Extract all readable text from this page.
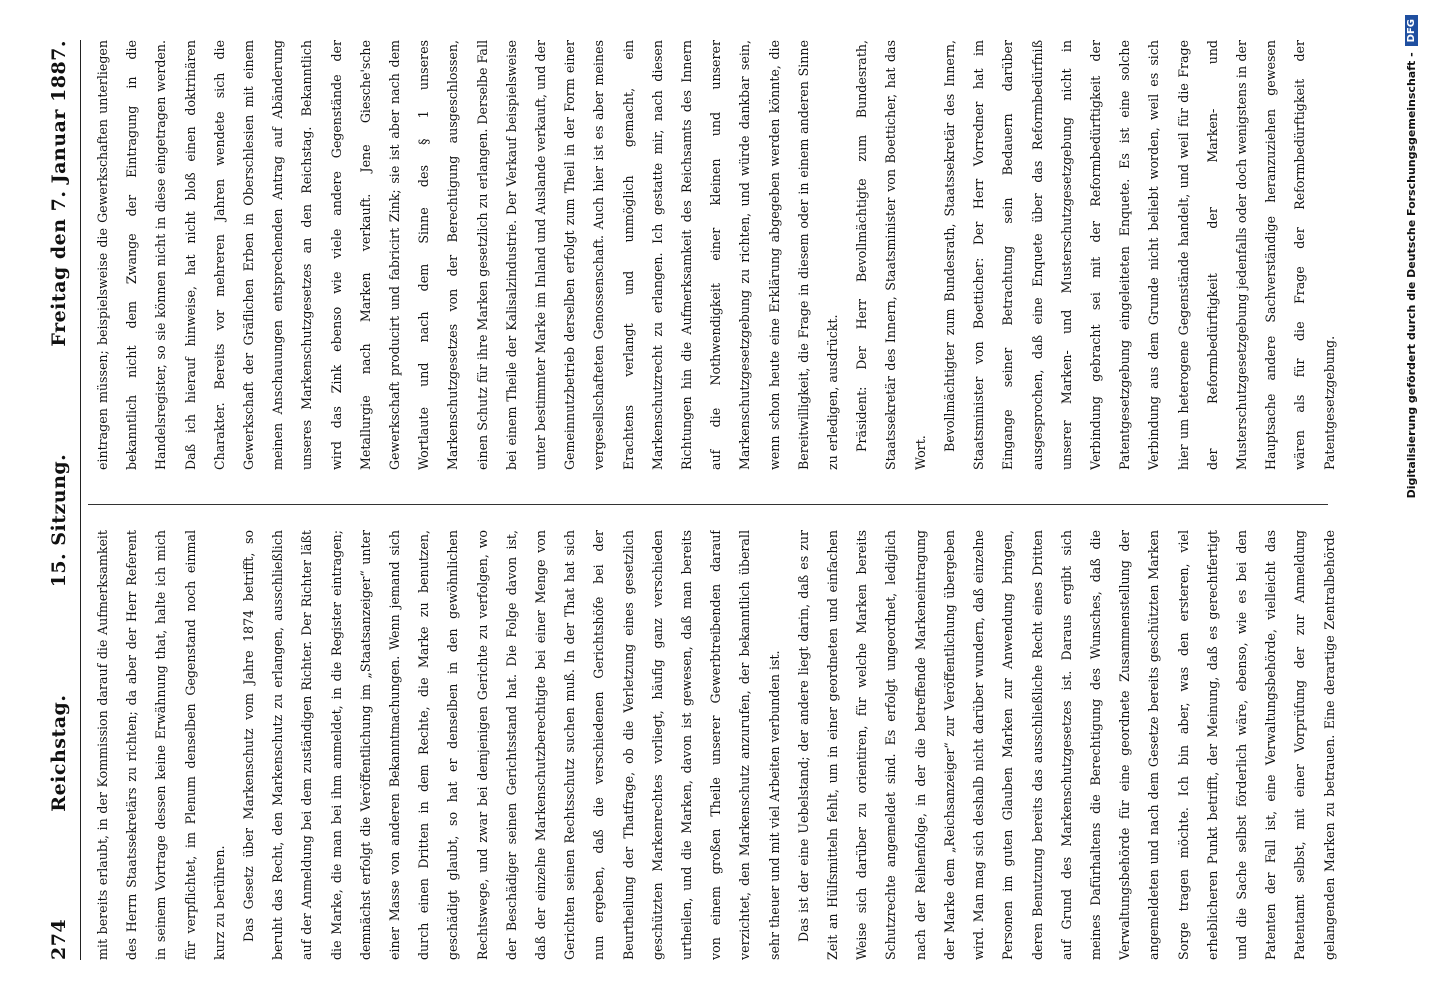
274
Reichstag.
15. Sitzung.
Freitag den 7. Januar 1887.

mit bereits erlaubt, in der Kommission darauf die Aufmerksamkeit des Herrn Staatssekretärs zu richten; da aber der Herr Referent in seinem Vortrage dessen keine Erwähnung that, halte ich mich für verpflichtet, im Plenum denselben Gegenstand noch einmal kurz zu berühren.	Das Gesetz über Markenschutz vom Jahre 1874 betrifft, so beruht das Recht, den Markenschutz zu erlangen, ausschließlich auf der Anmeldung bei dem zuständigen Richter. Der Richter läßt die Marke, die man bei ihm anmeldet, in die Register eintragen; demnächst erfolgt die Veröffentlichung im „Staatsanzeiger“ unter einer Masse von anderen Bekanntmachungen. Wenn jemand sich durch einen Dritten in dem Rechte, die Marke zu benutzen, geschädigt glaubt, so hat er denselben in den gewöhnlichen Rechtswege, und zwar bei demjenigen Gerichte zu verfolgen, wo der Beschädiger seinen Gerichtsstand hat. Die Folge davon ist, daß der einzelne Markenschutzberechtigte bei einer Menge von Gerichten seinen Rechtsschutz suchen muß. In der That hat sich nun ergeben, daß die verschiedenen Gerichtshöfe bei der Beurtheilung der Thatfrage, ob die Verletzung eines gesetzlich geschützten Markenrechtes vorliegt, häufig ganz verschieden urtheilen, und die Marken, davon ist gewesen, daß man bereits von einem großen Theile unserer Gewerbtreibenden darauf verzichtet, den Markenschutz anzurufen, der bekanntlich überall sehr theuer und mit viel Arbeiten verbunden ist.	Das ist der eine Uebelstand; der andere liegt darin, daß es zur Zeit an Hülfsmitteln fehlt, um in einer geordneten und einfachen Weise sich darüber zu orientiren, für welche Marken bereits Schutzrechte angemeldet sind. Es erfolgt ungeordnet, lediglich nach der Reihenfolge, in der die betreffende Markeneintragung der Marke dem „Reichsanzeiger“ zur Veröffentlichung übergeben wird. Man mag sich deshalb nicht darüber wundern, daß einzelne Personen im guten Glauben Marken zur Anwendung bringen, deren Benutzung bereits das ausschließliche Recht eines Dritten auf Grund des Markenschutzgesetzes ist. Daraus ergibt sich meines Dafürhaltens die Berechtigung des Wunsches, daß die Verwaltungsbehörde für eine geordnete Zusammenstellung der angemeldeten und nach dem Gesetze bereits geschützten Marken Sorge tragen möchte. Ich bin aber, was den ersteren, viel erheblicheren Punkt betrifft, der Meinung, daß es gerechtfertigt und die Sache selbst förderlich wäre, ebenso, wie es bei den Patenten der Fall ist, eine Verwaltungsbehörde, vielleicht das Patentamt selbst, mit einer Vorprüfung der zur Anmeldung gelangenden Marken zu betrauen. Eine derartige Zentralbehörde

eintragen müssen; beispielsweise die Gewerkschaften unterliegen bekanntlich nicht dem Zwange der Eintragung in die Handelsregister, so sie können nicht in diese eingetragen werden. Daß ich hierauf hinweise, hat nicht bloß einen doktrinären Charakter. Bereits vor mehreren Jahren wendete sich die Gewerkschaft der Gräflichen Erben in Oberschlesien mit einem meinen Anschauungen entsprechenden Antrag auf Abänderung unseres Markenschutzgesetzes an den Reichstag. Bekanntlich wird das Zink ebenso wie viele andere Gegenstände der Metallurgie nach Marken verkauft. Jene Giesche'sche Gewerkschaft producirt und fabricirt Zink; sie ist aber nach dem Wortlaute und nach dem Sinne des § 1 unseres Markenschutzgesetzes von der Berechtigung ausgeschlossen, einen Schutz für ihre Marken gesetzlich zu erlangen. Derselbe Fall bei einem Theile der Kalisalzindustrie. Der Verkauf beispielsweise unter bestimmter Marke im Inland und Auslande verkauft, und der Gemeinnutzbetrieb derselben erfolgt zum Theil in der Form einer vergesellschafteten Genossenschaft. Auch hier ist es aber meines Erachtens verlangt und unmöglich gemacht, ein Markenschutzrecht zu erlangen. Ich gestatte mir, nach diesen Richtungen hin die Aufmerksamkeit des Reichsamts des Innern auf die Nothwendigkeit einer kleinen und unserer Markenschutzgesetzgebung zu richten, und würde dankbar sein, wenn schon heute eine Erklärung abgegeben werden könnte, die Bereitwilligkeit, die Frage in diesem oder in einem anderen Sinne zu erledigen, ausdrückt.	Präsident: Der Herr Bevollmächtigte zum Bundesrath, Staatssekretär des Innern, Staatsminister von Boetticher, hat das Wort.

Bevollmächtigter zum Bundesrath, Staatssekretär des Innern, Staatsminister von Boetticher: Der Herr Vorredner hat im Eingange seiner Betrachtung sein Bedauern darüber ausgesprochen, daß eine Enquete über das Reformbedürfniß unserer Marken- und Musterschutzgesetzgebung nicht in Verbindung gebracht sei mit der Reformbedürftigkeit der Patentgesetzgebung eingeleiteten Enquete. Es ist eine solche Verbindung aus dem Grunde nicht beliebt worden, weil es sich hier um heterogene Gegenstände handelt, und weil für die Frage der Reformbedürftigkeit der Marken- und Musterschutzgesetzgebung jedenfalls oder doch wenigstens in der Hauptsache andere Sachverständige heranzuziehen gewesen wären als für die Frage der Reformbedürftigkeit der Patentgesetzgebung.	Digitalisierung gefördert durch die Deutsche Forschungsgemeinschaft -
DFG
